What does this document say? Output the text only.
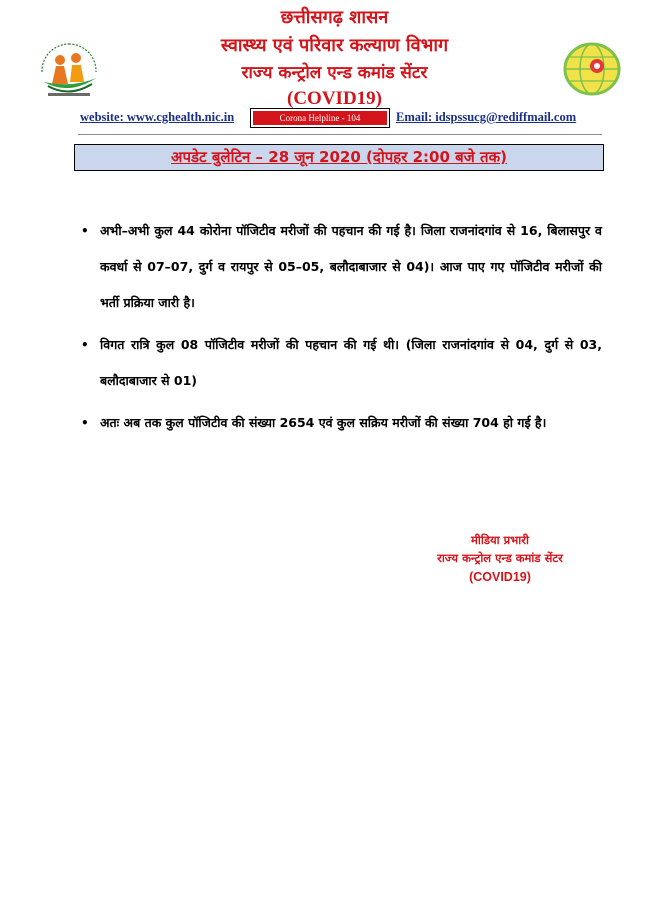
छत्तीसगढ़ शासन
स्वास्थ्य एवं परिवार कल्याण विभाग
राज्य कन्ट्रोल एन्ड कमांड सेंटर
(COVID19)
website: www.cghealth.nic.in	Corona Helpline - 104	Email: idspssucg@rediffmail.com
अपडेट बुलेटिन – 28 जून 2020 (दोपहर 2:00 बजे तक)
• अभी–अभी कुल 44 कोरोना पॉजिटीव मरीजों की पहचान की गई है। जिला राजनांदगांव से 16, बिलासपुर व कवर्धा से 07–07, दुर्ग व रायपुर से 05–05, बलौदाबाजार से 04)। आज पाए गए पॉजिटीव मरीजों की भर्ती प्रक्रिया जारी है।
• विगत रात्रि कुल 08 पॉजिटीव मरीजों की पहचान की गई थी। (जिला राजनांदगांव से 04, दुर्ग से 03, बलौदाबाजार से 01)
• अतः अब तक कुल पॉजिटीव की संख्या 2654 एवं कुल सक्रिय मरीजों की संख्या 704 हो गई है।
मीडिया प्रभारी
राज्य कन्ट्रोल एन्ड कमांड सेंटर
(COVID19)
